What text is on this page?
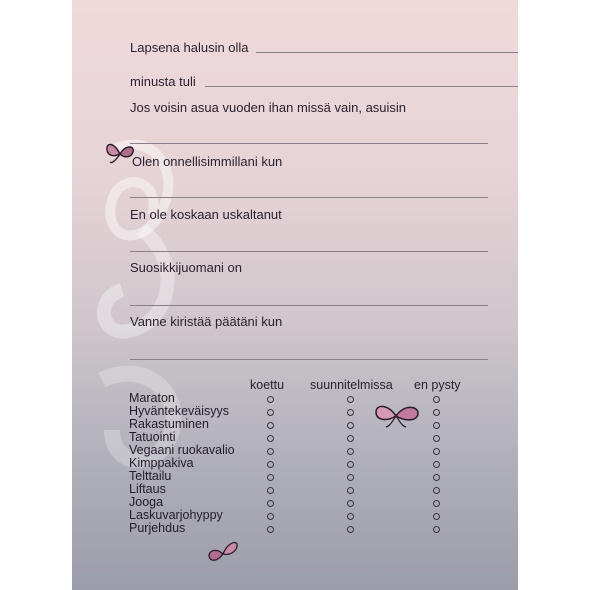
Lapsena halusin olla
minusta tuli
Jos voisin asua vuoden ihan missä vain, asuisin
Olen onnellisimmillani kun
En ole koskaan uskaltanut
Suosikkijuomani on
Vanne kiristää päätäni kun
koettu suunnitelmissa en pysty
Maraton
Hyväntekeväisyys
Rakastuminen
Tatuointi
Vegaani ruokavalio
Kimppakiva
Telttailu
Liftaus
Jooga
Laskuvarjohyppy
Purjehdus
